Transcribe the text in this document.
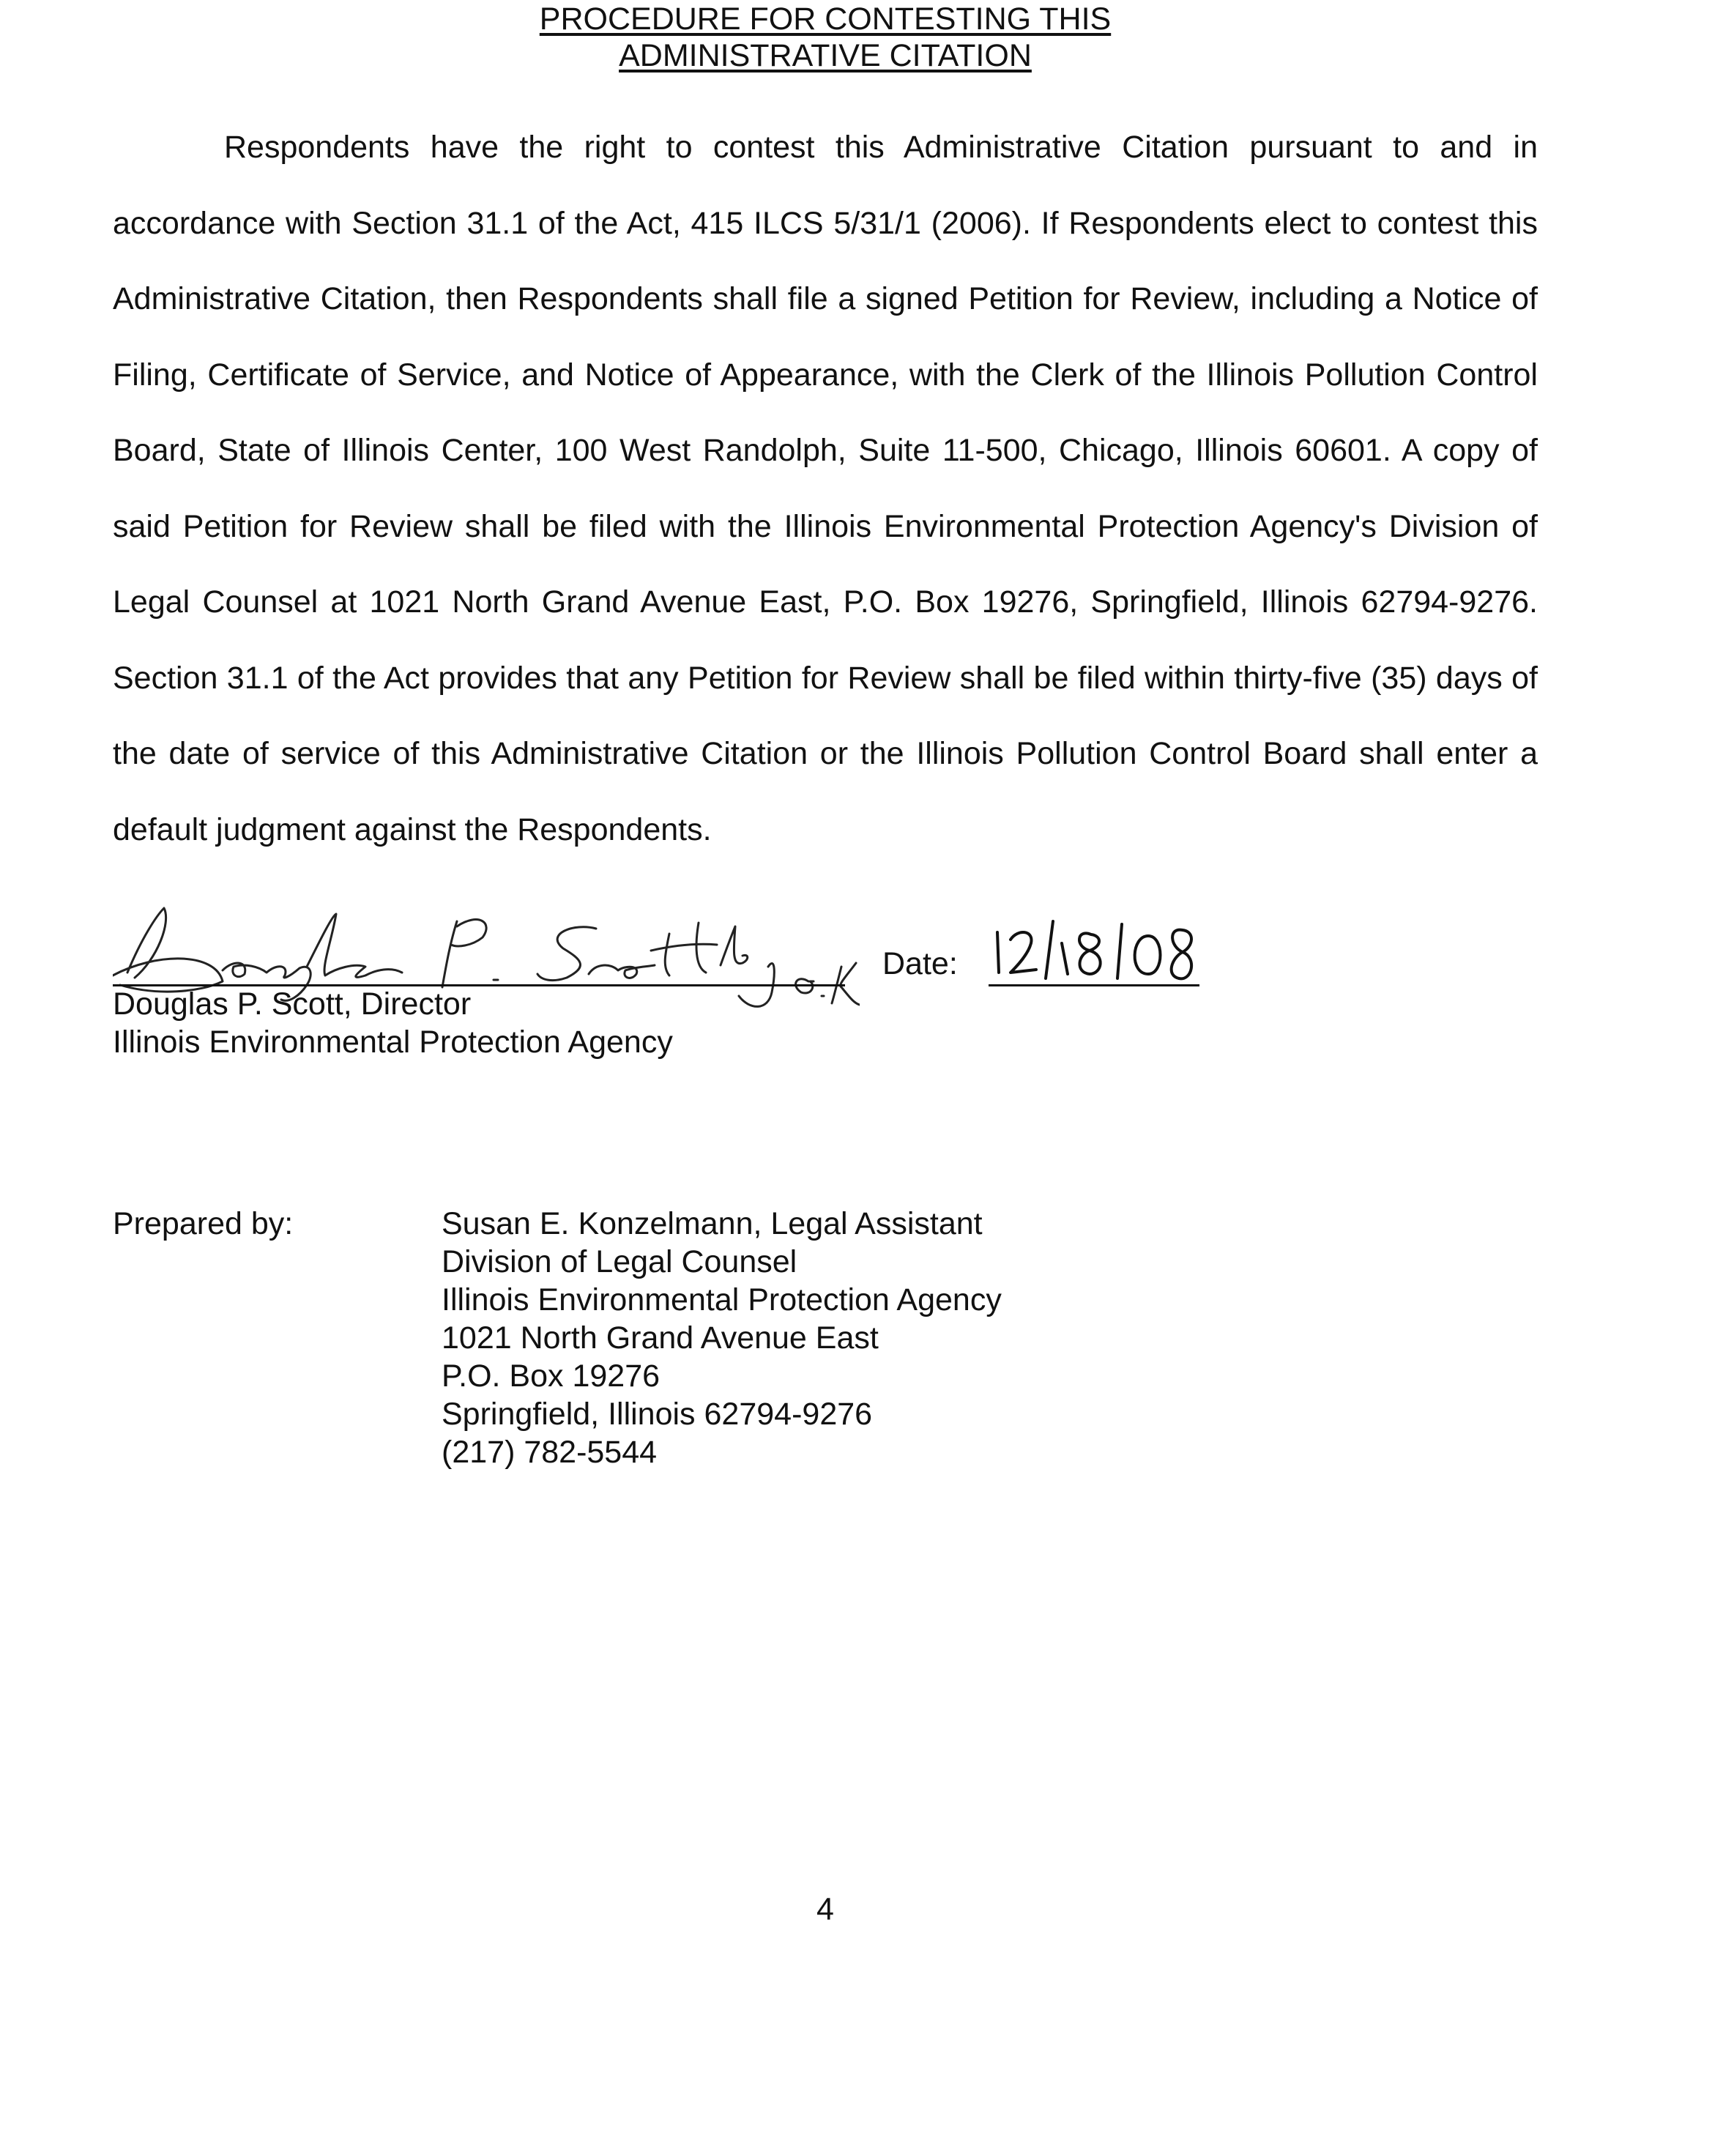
PROCEDURE FOR CONTESTING THIS
ADMINISTRATIVE CITATION

Respondents have the right to contest this Administrative Citation pursuant to and in accordance with Section 31.1 of the Act, 415 ILCS 5/31/1 (2006). If Respondents elect to contest this Administrative Citation, then Respondents shall file a signed Petition for Review, including a Notice of Filing, Certificate of Service, and Notice of Appearance, with the Clerk of the Illinois Pollution Control Board, State of Illinois Center, 100 West Randolph, Suite 11-500, Chicago, Illinois 60601. A copy of said Petition for Review shall be filed with the Illinois Environmental Protection Agency's Division of Legal Counsel at 1021 North Grand Avenue East, P.O. Box 19276, Springfield, Illinois 62794-9276. Section 31.1 of the Act provides that any Petition for Review shall be filed within thirty-five (35) days of the date of service of this Administrative Citation or the Illinois Pollution Control Board shall enter a default judgment against the Respondents.

Douglas P. Scott, Director
Illinois Environmental Protection Agency
Date:
Prepared by:	Susan E. Konzelmann, Legal Assistant
Division of Legal Counsel
Illinois Environmental Protection Agency
1021 North Grand Avenue East
P.O. Box 19276
Springfield, Illinois 62794-9276
(217) 782-5544
4
